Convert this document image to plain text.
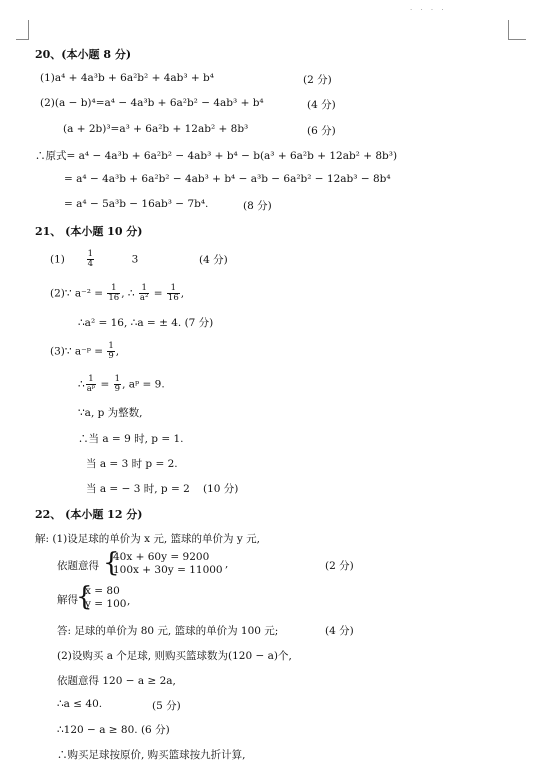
· · · ·
20、(本小题 8 分)
(1)a⁴ + 4a³b + 6a²b² + 4ab³ + b⁴	(2 分)
(2)(a − b)⁴=a⁴ − 4a³b + 6a²b² − 4ab³ + b⁴	(4 分)
(a + 2b)³=a³ + 6a²b + 12ab² + 8b³	(6 分)
∴原式= a⁴ − 4a³b + 6a²b² − 4ab³ + b⁴ − b(a³ + 6a²b + 12ab² + 8b³)
= a⁴ − 4a³b + 6a²b² − 4ab³ + b⁴ − a³b − 6a²b² − 12ab³ − 8b⁴
= a⁴ − 5a³b − 16ab³ − 7b⁴.	(8 分)
21、 (本小题 10 分)
(1)	$\frac{1}{4}$	3	(4 分)
(2)∵ $a^{-2} = \frac{1}{16}$ , ∴ $\frac{1}{\text{a²}} = \frac{1}{16}$ ,
∴a² = 16, ∴a = ± 4. (7 分)
(3)∵ a⁻ᵖ = $\frac{1}{9}$ ,
∴ $\frac{1}{\text{aᵖ}} = \frac{1}{9}$ , aᵖ = 9.
∵a, p 为整数,
∴当 a = 9 时, p = 1.
当 a = 3 时 p = 2.
当 a = − 3 时, p = 2 (10 分)
22、 (本小题 12 分)
解: (1)设足球的单价为 x 元, 篮球的单价为 y 元,
依题意得 {
40x + 60y = 9200
100x + 30y = 11000 ,	(2 分)
解得
{
x = 80
y = 100 ,
答: 足球的单价为 80 元, 篮球的单价为 100 元;	(4 分)
(2)设购买 a 个足球, 则购买篮球数为(120 − a)个,
依题意得 120 − a ≥ 2a,
∴a ≤ 40.	(5 分)
∴120 − a ≥ 80. (6 分)
∴购买足球按原价, 购买篮球按九折计算,
